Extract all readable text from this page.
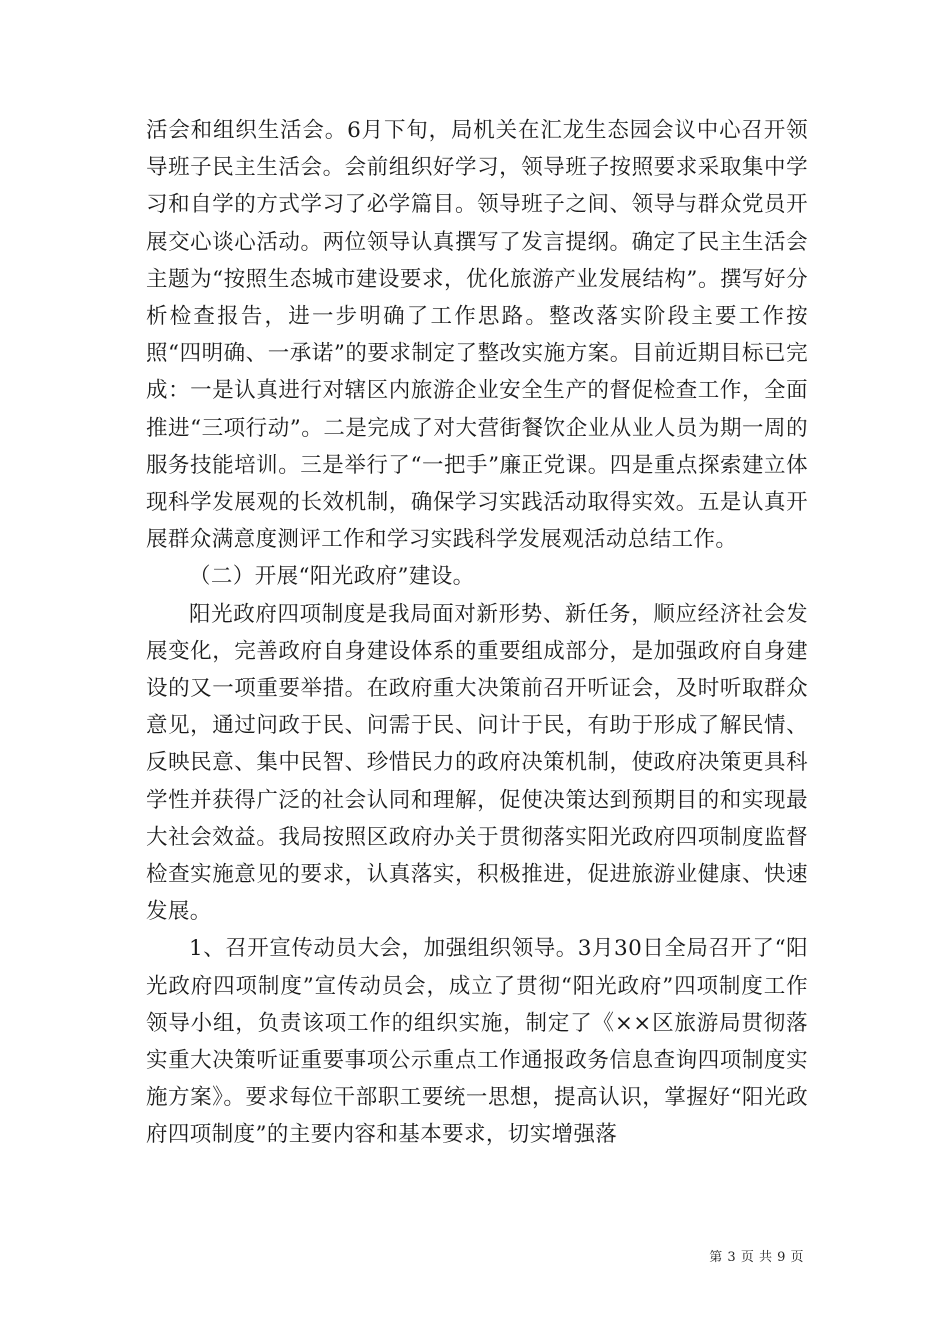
活会和组织生活会。6月下旬，局机关在汇龙生态园会议中心召开领导班子民主生活会。会前组织好学习，领导班子按照要求采取集中学习和自学的方式学习了必学篇目。领导班子之间、领导与群众党员开展交心谈心活动。两位领导认真撰写了发言提纲。确定了民主生活会主题为“按照生态城市建设要求，优化旅游产业发展结构”。撰写好分析检查报告，进一步明确了工作思路。整改落实阶段主要工作按照“四明确、一承诺”的要求制定了整改实施方案。目前近期目标已完成：一是认真进行对辖区内旅游企业安全生产的督促检查工作，全面推进“三项行动”。二是完成了对大营街餐饮企业从业人员为期一周的服务技能培训。三是举行了“一把手”廉正党课。四是重点探索建立体现科学发展观的长效机制，确保学习实践活动取得实效。五是认真开展群众满意度测评工作和学习实践科学发展观活动总结工作。

（二）开展“阳光政府”建设。

阳光政府四项制度是我局面对新形势、新任务，顺应经济社会发展变化，完善政府自身建设体系的重要组成部分，是加强政府自身建设的又一项重要举措。在政府重大决策前召开听证会，及时听取群众意见，通过问政于民、问需于民、问计于民，有助于形成了解民情、反映民意、集中民智、珍惜民力的政府决策机制，使政府决策更具科学性并获得广泛的社会认同和理解，促使决策达到预期目的和实现最大社会效益。我局按照区政府办关于贯彻落实阳光政府四项制度监督检查实施意见的要求，认真落实，积极推进，促进旅游业健康、快速发展。

1、召开宣传动员大会，加强组织领导。3月30日全局召开了“阳光政府四项制度”宣传动员会，成立了贯彻“阳光政府”四项制度工作领导小组，负责该项工作的组织实施，制定了《××区旅游局贯彻落实重大决策听证重要事项公示重点工作通报政务信息查询四项制度实施方案》。要求每位干部职工要统一思想，提高认识，掌握好“阳光政府四项制度”的主要内容和基本要求，切实增强落

第 3 页 共 9 页
